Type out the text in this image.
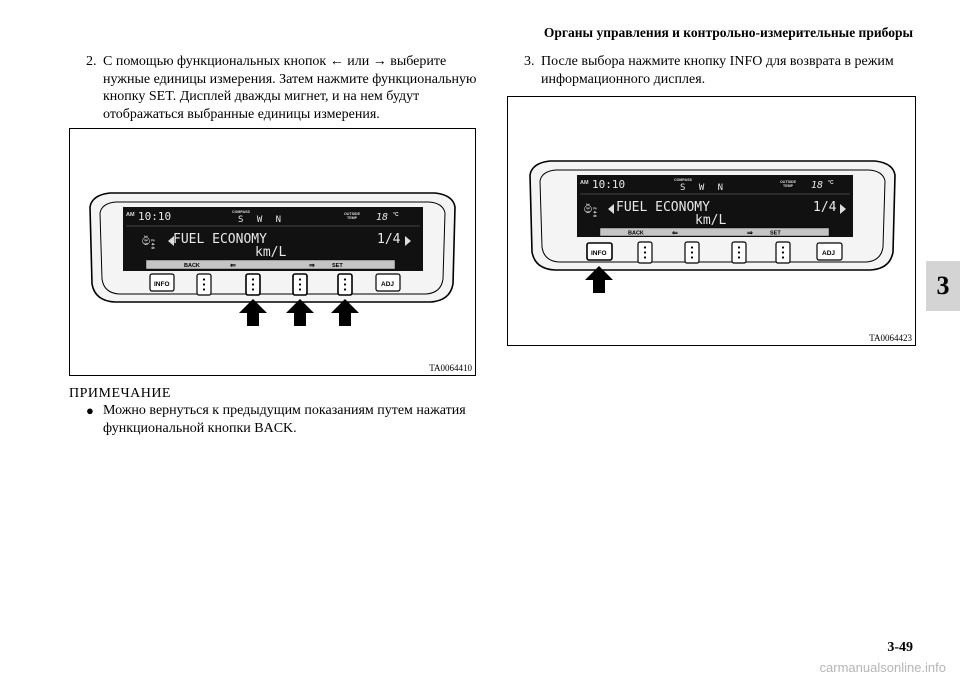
Органы управления и контрольно-измерительные приборы
3
2. С помощью функциональных кнопок ← или → выберите нужные единицы измерения. Затем нажмите функциональную кнопку SET. Дисплей дважды мигнет, и на нем будут отображаться выбранные единицы измерения.
3. После выбора нажмите кнопку INFO для возврата в режим информационного дисплея.
AM 10:10	COMPASS
S W N
OUTSIDE
TEMP 18 °C
1 3 5 2 4 6 FUEL ECONOMY
km/L
1/4
BACK	⇐	⇒	SET
INFO	ADJ
TA0064410
AM 10:10	COMPASS
S W N
OUTSIDE
TEMP 18 °C
1 3 5 2 4 6 FUEL ECONOMY
km/L
1/4
BACK	⇐	⇒	SET
INFO	ADJ
TA0064423
ПРИМЕЧАНИЕ
● Можно вернуться к предыдущим показаниям путем нажатия функциональной кнопки BACK.
3-49
carmanualsonline.info
